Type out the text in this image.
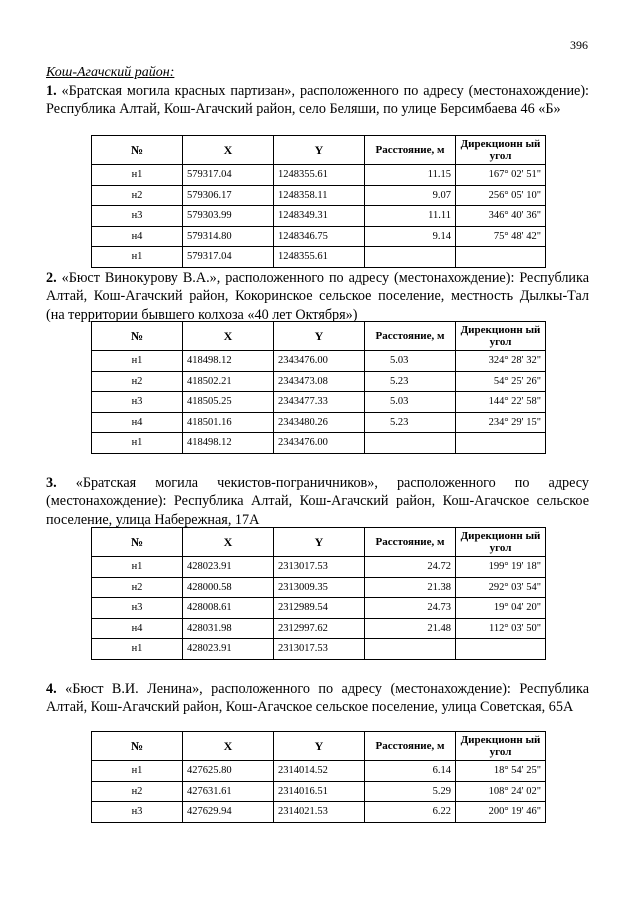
396
Кош-Агачский район:
1. «Братская могила красных партизан», расположенного по адресу (местонахождение): Республика Алтай, Кош-Агачский район, село Беляши, по улице Берсимбаева 46 «Б»
№	X	Y	Расстояние, м	Дирекционн ый угол
н1	579317.04	1248355.61	11.15	167° 02' 51"
н2	579306.17	1248358.11	9.07	256° 05' 10"
н3	579303.99	1248349.31	11.11	346° 40' 36"
н4	579314.80	1248346.75	9.14	75° 48' 42"
н1	579317.04	1248355.61		
2. «Бюст Винокурову В.А.», расположенного по адресу (местонахождение): Республика Алтай, Кош-Агачский район, Кокоринское сельское поселение, местность Дылкы-Тал (на территории бывшего колхоза «40 лет Октября»)
№	X	Y	Расстояние, м	Дирекционн ый угол
н1	418498.12	2343476.00	5.03	324° 28' 32"
н2	418502.21	2343473.08	5.23	54° 25' 26"
н3	418505.25	2343477.33	5.03	144° 22' 58"
н4	418501.16	2343480.26	5.23	234° 29' 15"
н1	418498.12	2343476.00		
3. «Братская могила чекистов-пограничников», расположенного по адресу (местонахождение): Республика Алтай, Кош-Агачский район, Кош-Агачское сельское поселение, улица Набережная, 17А
№	X	Y	Расстояние, м	Дирекционн ый угол
н1	428023.91	2313017.53	24.72	199° 19' 18"
н2	428000.58	2313009.35	21.38	292° 03' 54"
н3	428008.61	2312989.54	24.73	19° 04' 20"
н4	428031.98	2312997.62	21.48	112° 03' 50"
н1	428023.91	2313017.53		
4. «Бюст В.И. Ленина», расположенного по адресу (местонахождение): Республика Алтай, Кош-Агачский район, Кош-Агачское сельское поселение, улица Советская, 65А
№	X	Y	Расстояние, м	Дирекционн ый угол
н1	427625.80	2314014.52	6.14	18° 54' 25"
н2	427631.61	2314016.51	5.29	108° 24' 02"
н3	427629.94	2314021.53	6.22	200° 19' 46"
